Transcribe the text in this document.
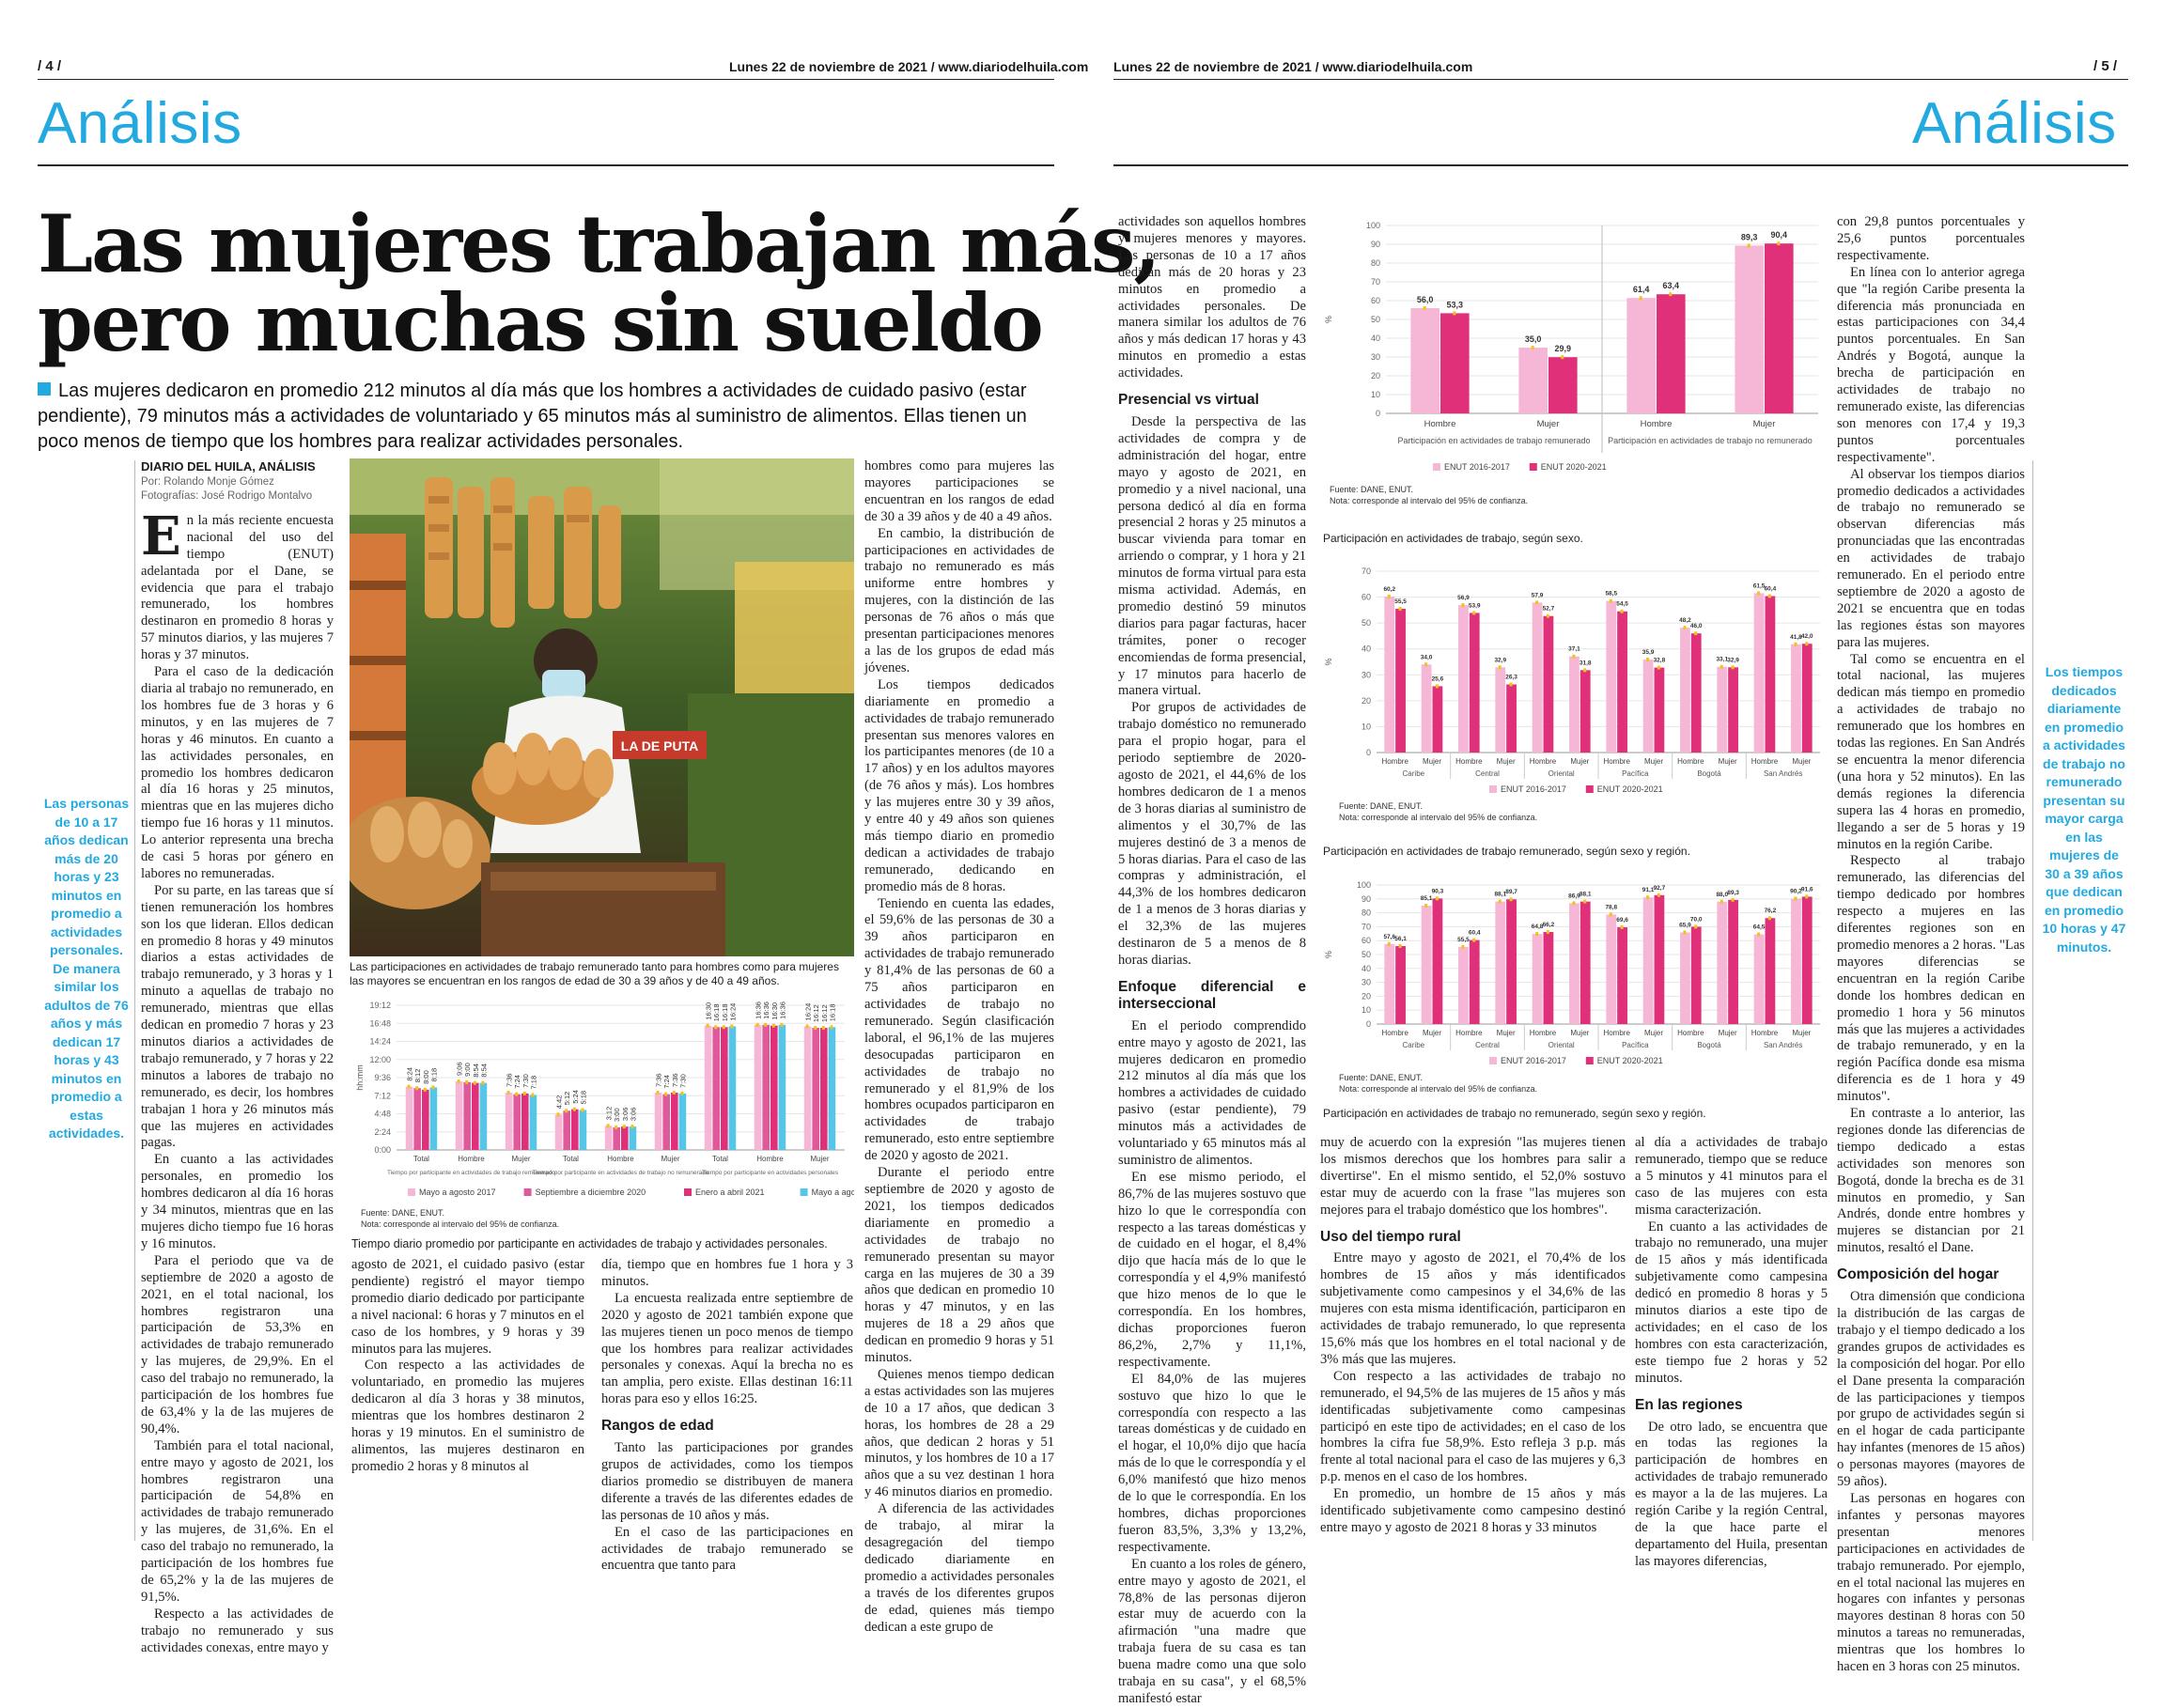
/ 4 /	Lunes 22 de noviembre de 2021 / www.diariodelhuila.com
Análisis
Lunes 22 de noviembre de 2021 / www.diariodelhuila.com	/ 5 /
Análisis
Las mujeres trabajan más,
pero muchas sin sueldo
Las mujeres dedicaron en promedio 212 minutos al día más que los hombres a actividades de cuidado pasivo (estar pendiente), 79 minutos más a actividades de voluntariado y 65 minutos más al suministro de alimentos. Ellas tienen un poco menos de tiempo que los hombres para realizar actividades personales.
Las personas de 10 a 17 años dedican más de 20 horas y 23 minutos en promedio a actividades personales. De manera similar los adultos de 76 años y más dedican 17 horas y 43 minutos en promedio a estas actividades.
DIARIO DEL HUILA, ANÁLISIS
Por: Rolando Monje Gómez
Fotografías: José Rodrigo Montalvo

En la más reciente encuesta nacional del uso del tiempo (ENUT) adelantada por el Dane, se evidencia que para el trabajo remunerado, los hombres destinaron en promedio 8 horas y 57 minutos diarios, y las mujeres 7 horas y 37 minutos.

Para el caso de la dedicación diaria al trabajo no remunerado, en los hombres fue de 3 horas y 6 minutos, y en las mujeres de 7 horas y 46 minutos. En cuanto a las actividades personales, en promedio los hombres dedicaron al día 16 horas y 25 minutos, mientras que en las mujeres dicho tiempo fue 16 horas y 11 minutos. Lo anterior representa una brecha de casi 5 horas por género en labores no remuneradas.

Por su parte, en las tareas que sí tienen remuneración los hombres son los que lideran. Ellos dedican en promedio 8 horas y 49 minutos diarios a estas actividades de trabajo remunerado, y 3 horas y 1 minuto a aquellas de trabajo no remunerado, mientras que ellas dedican en promedio 7 horas y 23 minutos diarios a actividades de trabajo remunerado, y 7 horas y 22 minutos a labores de trabajo no remunerado, es decir, los hombres trabajan 1 hora y 26 minutos más que las mujeres en actividades pagas.

En cuanto a las actividades personales, en promedio los hombres dedicaron al día 16 horas y 34 minutos, mientras que en las mujeres dicho tiempo fue 16 horas y 16 minutos.

Para el periodo que va de septiembre de 2020 a agosto de 2021, en el total nacional, los hombres registraron una participación de 53,3% en actividades de trabajo remunerado y las mujeres, de 29,9%. En el caso del trabajo no remunerado, la participación de los hombres fue de 63,4% y la de las mujeres de 90,4%.

También para el total nacional, entre mayo y agosto de 2021, los hombres registraron una participación de 54,8% en actividades de trabajo remunerado y las mujeres, de 31,6%. En el caso del trabajo no remunerado, la participación de los hombres fue de 65,2% y la de las mujeres de 91,5%.

Respecto a las actividades de trabajo no remunerado y sus actividades conexas, entre mayo y

LA DE PUTA
Las participaciones en actividades de trabajo remunerado tanto para hombres como para mujeres las mayores se encuentran en los rangos de edad de 30 a 39 años y de 40 a 49 años.
0:00
2:24
4:48
7:12
9:36
12:00
14:24
16:48
19:12
hh:mm	8:24 8:12 8:00 8:18 9:06 9:00 8:54 8:54
7:36 7:24 7:30 7:18
4:42 5:12 5:24 5:18
3:12 3:00 3:06 3:06
7:36 7:24 7:36 7:30
16:30 16:18 16:18 16:24 16:36 16:36 16:30 16:36 16:24 16:12 16:12 16:18
Total	Hombre	Mujer	Total	Hombre	Mujer	Total	Hombre	Mujer
Tiempo por participante en actividades de trabajo remunerado
Tiempo por participante en actividades de trabajo no remunerado
Tiempo por participante en actividades personales
Mayo a agosto 2017	Septiembre a diciembre 2020	Enero a abril 2021	Mayo a ago
Fuente: DANE, ENUT.
Nota: corresponde al intervalo del 95% de confianza.
Tiempo diario promedio por participante en actividades de trabajo y actividades personales.

agosto de 2021, el cuidado pasivo (estar pendiente) registró el mayor tiempo promedio diario dedicado por participante a nivel nacional: 6 horas y 7 minutos en el caso de los hombres, y 9 horas y 39 minutos para las mujeres.

Con respecto a las actividades de voluntariado, en promedio las mujeres dedicaron al día 3 horas y 38 minutos, mientras que los hombres destinaron 2 horas y 19 minutos. En el suministro de alimentos, las mujeres destinaron en promedio 2 horas y 8 minutos al

día, tiempo que en hombres fue 1 hora y 3 minutos.

La encuesta realizada entre septiembre de 2020 y agosto de 2021 también expone que las mujeres tienen un poco menos de tiempo que los hombres para realizar actividades personales y conexas. Aquí la brecha no es tan amplia, pero existe. Ellas destinan 16:11 horas para eso y ellos 16:25.

Rangos de edad

Tanto las participaciones por grandes grupos de actividades, como los tiempos diarios promedio se distribuyen de manera diferente a través de las diferentes edades de las personas de 10 años y más.

En el caso de las participaciones en actividades de trabajo remunerado se encuentra que tanto para

hombres como para mujeres las mayores participaciones se encuentran en los rangos de edad de 30 a 39 años y de 40 a 49 años.

En cambio, la distribución de participaciones en actividades de trabajo no remunerado es más uniforme entre hombres y mujeres, con la distinción de las personas de 76 años o más que presentan participaciones menores a las de los grupos de edad más jóvenes.

Los tiempos dedicados diariamente en promedio a actividades de trabajo remunerado presentan sus menores valores en los participantes menores (de 10 a 17 años) y en los adultos mayores (de 76 años y más). Los hombres y las mujeres entre 30 y 39 años, y entre 40 y 49 años son quienes más tiempo diario en promedio dedican a actividades de trabajo remunerado, dedicando en promedio más de 8 horas.

Teniendo en cuenta las edades, el 59,6% de las personas de 30 a 39 años participaron en actividades de trabajo remunerado y 81,4% de las personas de 60 a 75 años participaron en actividades de trabajo no remunerado. Según clasificación laboral, el 96,1% de las mujeres desocupadas participaron en actividades de trabajo no remunerado y el 81,9% de los hombres ocupados participaron en actividades de trabajo remunerado, esto entre septiembre de 2020 y agosto de 2021.

Durante el periodo entre septiembre de 2020 y agosto de 2021, los tiempos dedicados diariamente en promedio a actividades de trabajo no remunerado presentan su mayor carga en las mujeres de 30 a 39 años que dedican en promedio 10 horas y 47 minutos, y en las mujeres de 18 a 29 años que dedican en promedio 9 horas y 51 minutos.

Quienes menos tiempo dedican a estas actividades son las mujeres de 10 a 17 años, que dedican 3 horas, los hombres de 28 a 29 años, que dedican 2 horas y 51 minutos, y los hombres de 10 a 17 años que a su vez destinan 1 hora y 46 minutos diarios en promedio.

A diferencia de las actividades de trabajo, al mirar la desagregación del tiempo dedicado diariamente en promedio a actividades personales a través de los diferentes grupos de edad, quienes más tiempo dedican a este grupo de

actividades son aquellos hombres y mujeres menores y mayores. Las personas de 10 a 17 años dedican más de 20 horas y 23 minutos en promedio a actividades personales. De manera similar los adultos de 76 años y más dedican 17 horas y 43 minutos en promedio a estas actividades.

Presencial vs virtual

Desde la perspectiva de las actividades de compra y de administración del hogar, entre mayo y agosto de 2021, en promedio y a nivel nacional, una persona dedicó al día en forma presencial 2 horas y 25 minutos a buscar vivienda para tomar en arriendo o comprar, y 1 hora y 21 minutos de forma virtual para esta misma actividad. Además, en promedio destinó 59 minutos diarios para pagar facturas, hacer trámites, poner o recoger encomiendas de forma presencial, y 17 minutos para hacerlo de manera virtual.

Por grupos de actividades de trabajo doméstico no remunerado para el propio hogar, para el periodo septiembre de 2020-agosto de 2021, el 44,6% de los hombres dedicaron de 1 a menos de 3 horas diarias al suministro de alimentos y el 30,7% de las mujeres destinó de 3 a menos de 5 horas diarias. Para el caso de las compras y administración, el 44,3% de los hombres dedicaron de 1 a menos de 3 horas diarias y el 32,3% de las mujeres destinaron de 5 a menos de 8 horas diarias.

Enfoque diferencial e interseccional

En el periodo comprendido entre mayo y agosto de 2021, las mujeres dedicaron en promedio 212 minutos al día más que los hombres a actividades de cuidado pasivo (estar pendiente), 79 minutos más a actividades de voluntariado y 65 minutos más al suministro de alimentos.

En ese mismo periodo, el 86,7% de las mujeres sostuvo que hizo lo que le correspondía con respecto a las tareas domésticas y de cuidado en el hogar, el 8,4% dijo que hacía más de lo que le correspondía y el 4,9% manifestó que hizo menos de lo que le correspondía. En los hombres, dichas proporciones fueron 86,2%, 2,7% y 11,1%, respectivamente.

El 84,0% de las mujeres sostuvo que hizo lo que le correspondía con respecto a las tareas domésticas y de cuidado en el hogar, el 10,0% dijo que hacía más de lo que le correspondía y el 6,0% manifestó que hizo menos de lo que le correspondía. En los hombres, dichas proporciones fueron 83,5%, 3,3% y 13,2%, respectivamente.

En cuanto a los roles de género, entre mayo y agosto de 2021, el 78,8% de las personas dijeron estar muy de acuerdo con la afirmación "una madre que trabaja fuera de su casa es tan buena madre como una que solo trabaja en su casa", y el 68,5% manifestó estar

0
10
20
30
40
50
60
70
80
90
100
%
56,0
53,3
35,0
29,9
61,4 63,4
89,3 90,4
Hombre	Mujer	Hombre	Mujer
Participación en actividades de trabajo remunerado Participación en actividades de trabajo no remunerado
ENUT 2016-2017	ENUT 2020-2021
Fuente: DANE, ENUT.
Nota: corresponde al intervalo del 95% de confianza.
Participación en actividades de trabajo, según sexo.
0
10
20
30
40
50
60
70
%
60,2
55,5
34,0
25,6
56,9
53,9
32,9
26,3
57,9
52,7
37,1
31,8
58,5
54,5
35,9
32,8
48,2
46,0
33,1 32,9
61,5 60,4
41,8 42,0
Hombre Mujer Hombre Mujer Hombre Mujer Hombre Mujer Hombre Mujer Hombre Mujer
Caribe	Central	Oriental	Pacífica	Bogotá	San Andrés
ENUT 2016-2017	ENUT 2020-2021
Fuente: DANE, ENUT.
Nota: corresponde al intervalo del 95% de confianza.
Participación en actividades de trabajo remunerado, según sexo y región.
0
10
20
30
40
50
60
70
80
90
100
%
57,6 56,1
85,1
90,3
55,5
60,4
88,1 89,7
64,8 66,2
86,9 88,1
78,8
69,6
91,1 92,7
65,9
70,0
88,0 89,3
64,5
76,2
90,2 91,6
Hombre Mujer Hombre Mujer Hombre Mujer Hombre Mujer Hombre Mujer Hombre Mujer
Caribe	Central	Oriental	Pacífica	Bogotá	San Andrés
ENUT 2016-2017	ENUT 2020-2021
Fuente: DANE, ENUT.
Nota: corresponde al intervalo del 95% de confianza.
Participación en actividades de trabajo no remunerado, según sexo y región.

muy de acuerdo con la expresión "las mujeres tienen los mismos derechos que los hombres para salir a divertirse". En el mismo sentido, el 52,0% sostuvo estar muy de acuerdo con la frase "las mujeres son mejores para el trabajo doméstico que los hombres".

Uso del tiempo rural

Entre mayo y agosto de 2021, el 70,4% de los hombres de 15 años y más identificados subjetivamente como campesinos y el 34,6% de las mujeres con esta misma identificación, participaron en actividades de trabajo remunerado, lo que representa 15,6% más que los hombres en el total nacional y de 3% más que las mujeres.

Con respecto a las actividades de trabajo no remunerado, el 94,5% de las mujeres de 15 años y más identificadas subjetivamente como campesinas participó en este tipo de actividades; en el caso de los hombres la cifra fue 58,9%. Esto refleja 3 p.p. más frente al total nacional para el caso de las mujeres y 6,3 p.p. menos en el caso de los hombres.

En promedio, un hombre de 15 años y más identificado subjetivamente como campesino destinó entre mayo y agosto de 2021 8 horas y 33 minutos

al día a actividades de trabajo remunerado, tiempo que se reduce a 5 minutos y 41 minutos para el caso de las mujeres con esta misma caracterización.

En cuanto a las actividades de trabajo no remunerado, una mujer de 15 años y más identificada subjetivamente como campesina dedicó en promedio 8 horas y 5 minutos diarios a este tipo de actividades; en el caso de los hombres con esta caracterización, este tiempo fue 2 horas y 52 minutos.

En las regiones

De otro lado, se encuentra que en todas las regiones la participación de hombres en actividades de trabajo remunerado es mayor a la de las mujeres. La región Caribe y la región Central, de la que hace parte el departamento del Huila, presentan las mayores diferencias,

con 29,8 puntos porcentuales y 25,6 puntos porcentuales respectivamente.

En línea con lo anterior agrega que "la región Caribe presenta la diferencia más pronunciada en estas participaciones con 34,4 puntos porcentuales. En San Andrés y Bogotá, aunque la brecha de participación en actividades de trabajo no remunerado existe, las diferencias son menores con 17,4 y 19,3 puntos porcentuales respectivamente".

Al observar los tiempos diarios promedio dedicados a actividades de trabajo no remunerado se observan diferencias más pronunciadas que las encontradas en actividades de trabajo remunerado. En el periodo entre septiembre de 2020 a agosto de 2021 se encuentra que en todas las regiones éstas son mayores para las mujeres.

Tal como se encuentra en el total nacional, las mujeres dedican más tiempo en promedio a actividades de trabajo no remunerado que los hombres en todas las regiones. En San Andrés se encuentra la menor diferencia (una hora y 52 minutos). En las demás regiones la diferencia supera las 4 horas en promedio, llegando a ser de 5 horas y 19 minutos en la región Caribe.

Respecto al trabajo remunerado, las diferencias del tiempo dedicado por hombres respecto a mujeres en las diferentes regiones son en promedio menores a 2 horas. "Las mayores diferencias se encuentran en la región Caribe donde los hombres dedican en promedio 1 hora y 56 minutos más que las mujeres a actividades de trabajo remunerado, y en la región Pacífica donde esa misma diferencia es de 1 hora y 49 minutos".

En contraste a lo anterior, las regiones donde las diferencias de tiempo dedicado a estas actividades son menores son Bogotá, donde la brecha es de 31 minutos en promedio, y San Andrés, donde entre hombres y mujeres se distancian por 21 minutos, resaltó el Dane.

Composición del hogar

Otra dimensión que condiciona la distribución de las cargas de trabajo y el tiempo dedicado a los grandes grupos de actividades es la composición del hogar. Por ello el Dane presenta la comparación de las participaciones y tiempos por grupo de actividades según si en el hogar de cada participante hay infantes (menores de 15 años) o personas mayores (mayores de 59 años).

Las personas en hogares con infantes y personas mayores presentan menores participaciones en actividades de trabajo remunerado. Por ejemplo, en el total nacional las mujeres en hogares con infantes y personas mayores destinan 8 horas con 50 minutos a tareas no remuneradas, mientras que los hombres lo hacen en 3 horas con 25 minutos.

Los tiempos dedicados diariamente en promedio a actividades de trabajo no remunerado presentan su mayor carga en las mujeres de 30 a 39 años que dedican en promedio 10 horas y 47 minutos.
